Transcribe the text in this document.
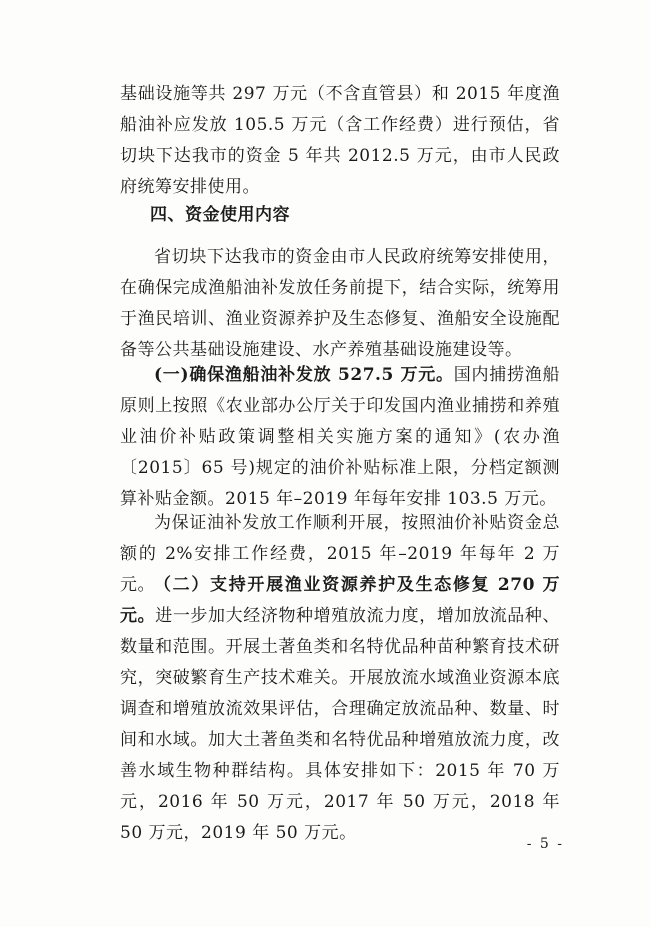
基础设施等共 297 万元（不含直管县）和 2015 年度渔船油补应发放 105.5 万元（含工作经费）进行预估，省切块下达我市的资金 5 年共 2012.5 万元，由市人民政府统筹安排使用。

四、资金使用内容

省切块下达我市的资金由市人民政府统筹安排使用，在确保完成渔船油补发放任务前提下，结合实际，统筹用于渔民培训、渔业资源养护及生态修复、渔船安全设施配备等公共基础设施建设、水产养殖基础设施建设等。

(一)确保渔船油补发放 527.5 万元。国内捕捞渔船原则上按照《农业部办公厅关于印发国内渔业捕捞和养殖业油价补贴政策调整相关实施方案的通知》(农办渔〔2015〕65 号)规定的油价补贴标准上限，分档定额测算补贴金额。2015 年–2019 年每年安排 103.5 万元。

为保证油补发放工作顺利开展，按照油价补贴资金总额的 2%安排工作经费，2015 年–2019 年每年 2 万元。 （二）支持开展渔业资源养护及生态修复 270 万元。进一步加大经济物种增殖放流力度，增加放流品种、数量和范围。开展土著鱼类和名特优品种苗种繁育技术研究，突破繁育生产技术难关。开展放流水域渔业资源本底调查和增殖放流效果评估，合理确定放流品种、数量、时间和水域。加大土著鱼类和名特优品种增殖放流力度，改善水域生物种群结构。具体安排如下：2015 年 70 万元，2016 年 50 万元，2017 年 50 万元，2018 年 50 万元，2019 年 50 万元。

- 5 -
